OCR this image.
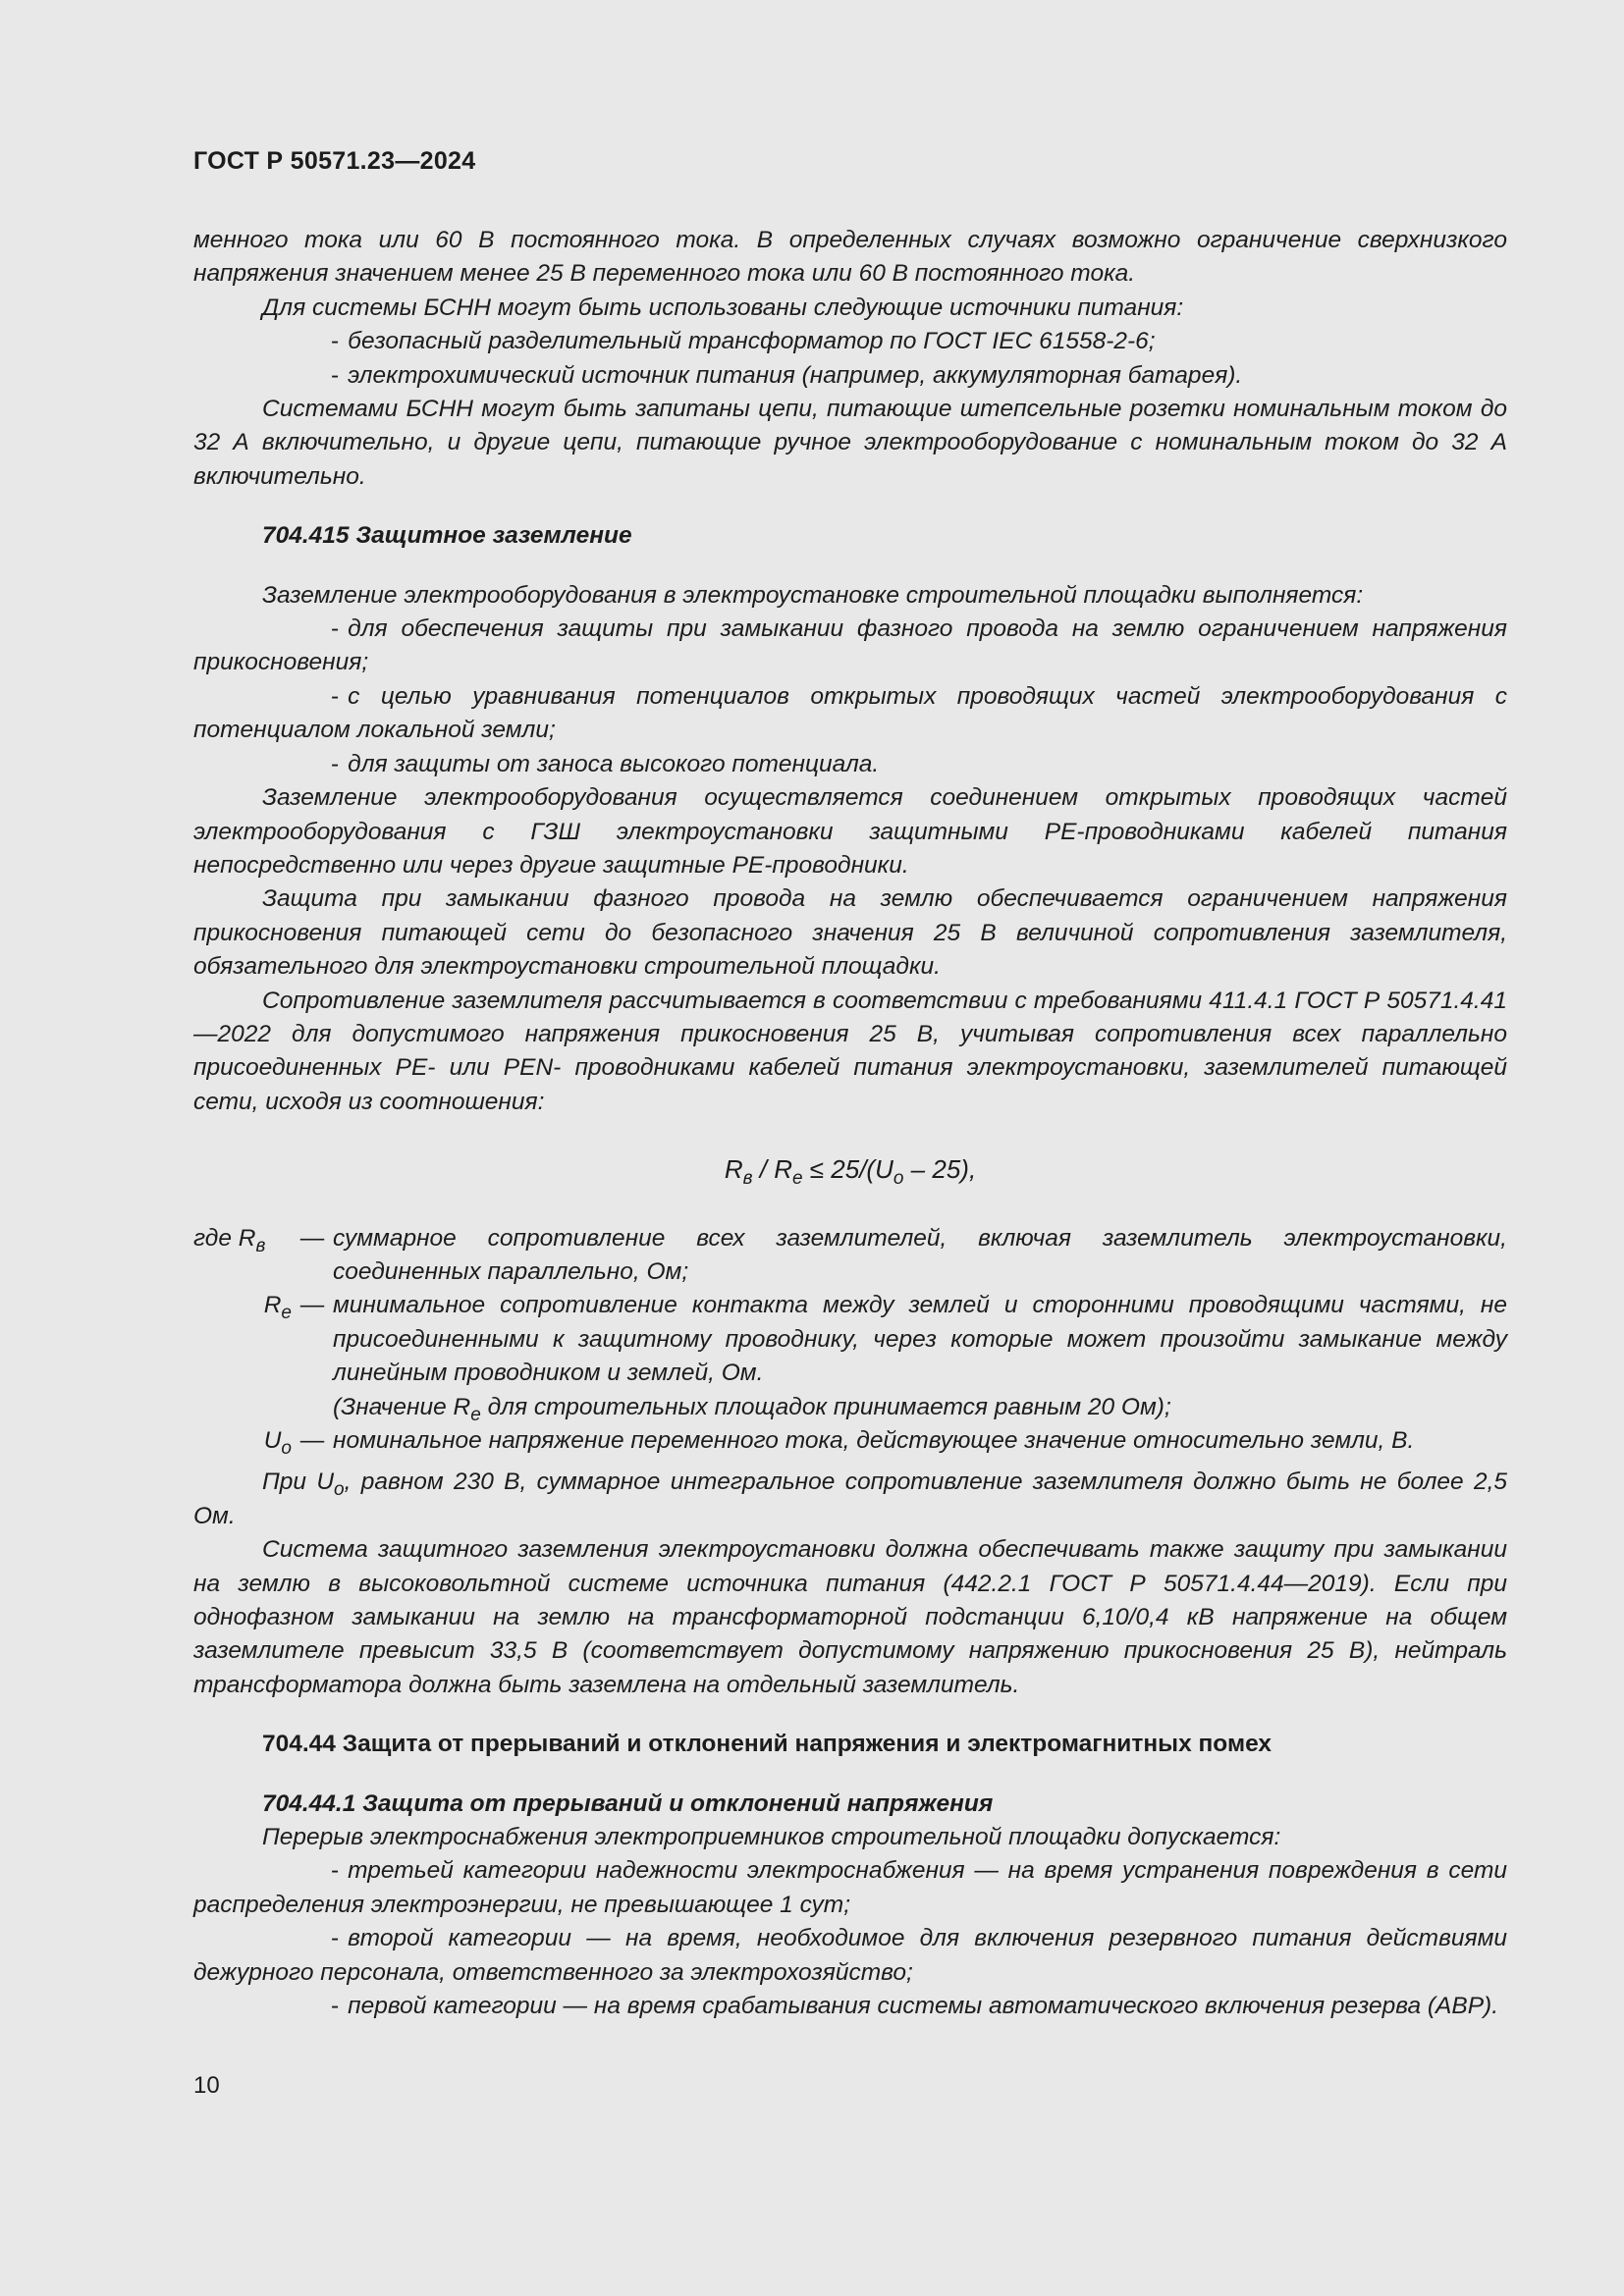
ГОСТ Р 50571.23—2024

менного тока или 60 В постоянного тока. В определенных случаях возможно ограничение сверхнизкого напряжения значением менее 25 В переменного тока или 60 В постоянного тока.

Для системы БСНН могут быть использованы следующие источники питания:

- безопасный разделительный трансформатор по ГОСТ IEC 61558-2-6;

- электрохимический источник питания (например, аккумуляторная батарея).

Системами БСНН могут быть запитаны цепи, питающие штепсельные розетки номинальным током до 32 А включительно, и другие цепи, питающие ручное электрооборудование с номинальным током до 32 А включительно.

704.415 Защитное заземление

Заземление электрооборудования в электроустановке строительной площадки выполняется:

- для обеспечения защиты при замыкании фазного провода на землю ограничением напряжения прикосновения;

- с целью уравнивания потенциалов открытых проводящих частей электрооборудования с потенциалом локальной земли;

- для защиты от заноса высокого потенциала.

Заземление электрооборудования осуществляется соединением открытых проводящих частей электрооборудования с ГЗШ электроустановки защитными PE-проводниками кабелей питания непосредственно или через другие защитные PE-проводники.

Защита при замыкании фазного провода на землю обеспечивается ограничением напряжения прикосновения питающей сети до безопасного значения 25 В величиной сопротивления заземлителя, обязательного для электроустановки строительной площадки.

Сопротивление заземлителя рассчитывается в соответствии с требованиями 411.4.1 ГОСТ Р 50571.4.41—2022 для допустимого напряжения прикосновения 25 В, учитывая сопротивления всех параллельно присоединенных PE- или PEN- проводниками кабелей питания электроустановки, заземлителей питающей сети, исходя из соотношения:

$R_в / R_e \le 25/(U_o - 25)$,

где $R_в$	— суммарное сопротивление всех заземлителей, включая заземлитель электроустановки, соединенных параллельно, Ом;
$R_e$ — минимальное сопротивление контакта между землей и сторонними проводящими частями, не присоединенными к защитному проводнику, через которые может произойти замыкание между линейным проводником и землей, Ом.
(Значение $R_e$ для строительных площадок принимается равным 20 Ом);
$U_o$ — номинальное напряжение переменного тока, действующее значение относительно земли, В.

При $U_o$, равном 230 В, суммарное интегральное сопротивление заземлителя должно быть не более 2,5 Ом.

Система защитного заземления электроустановки должна обеспечивать также защиту при замыкании на землю в высоковольтной системе источника питания (442.2.1 ГОСТ Р 50571.4.44—2019). Если при однофазном замыкании на землю на трансформаторной подстанции 6,10/0,4 кВ напряжение на общем заземлителе превысит 33,5 В (соответствует допустимому напряжению прикосновения 25 В), нейтраль трансформатора должна быть заземлена на отдельный заземлитель.

704.44 Защита от прерываний и отклонений напряжения и электромагнитных помех

704.44.1 Защита от прерываний и отклонений напряжения

Перерыв электроснабжения электроприемников строительной площадки допускается:

- третьей категории надежности электроснабжения — на время устранения повреждения в сети распределения электроэнергии, не превышающее 1 сут;

- второй категории — на время, необходимое для включения резервного питания действиями дежурного персонала, ответственного за электрохозяйство;

- первой категории — на время срабатывания системы автоматического включения резерва (АВР).

10
